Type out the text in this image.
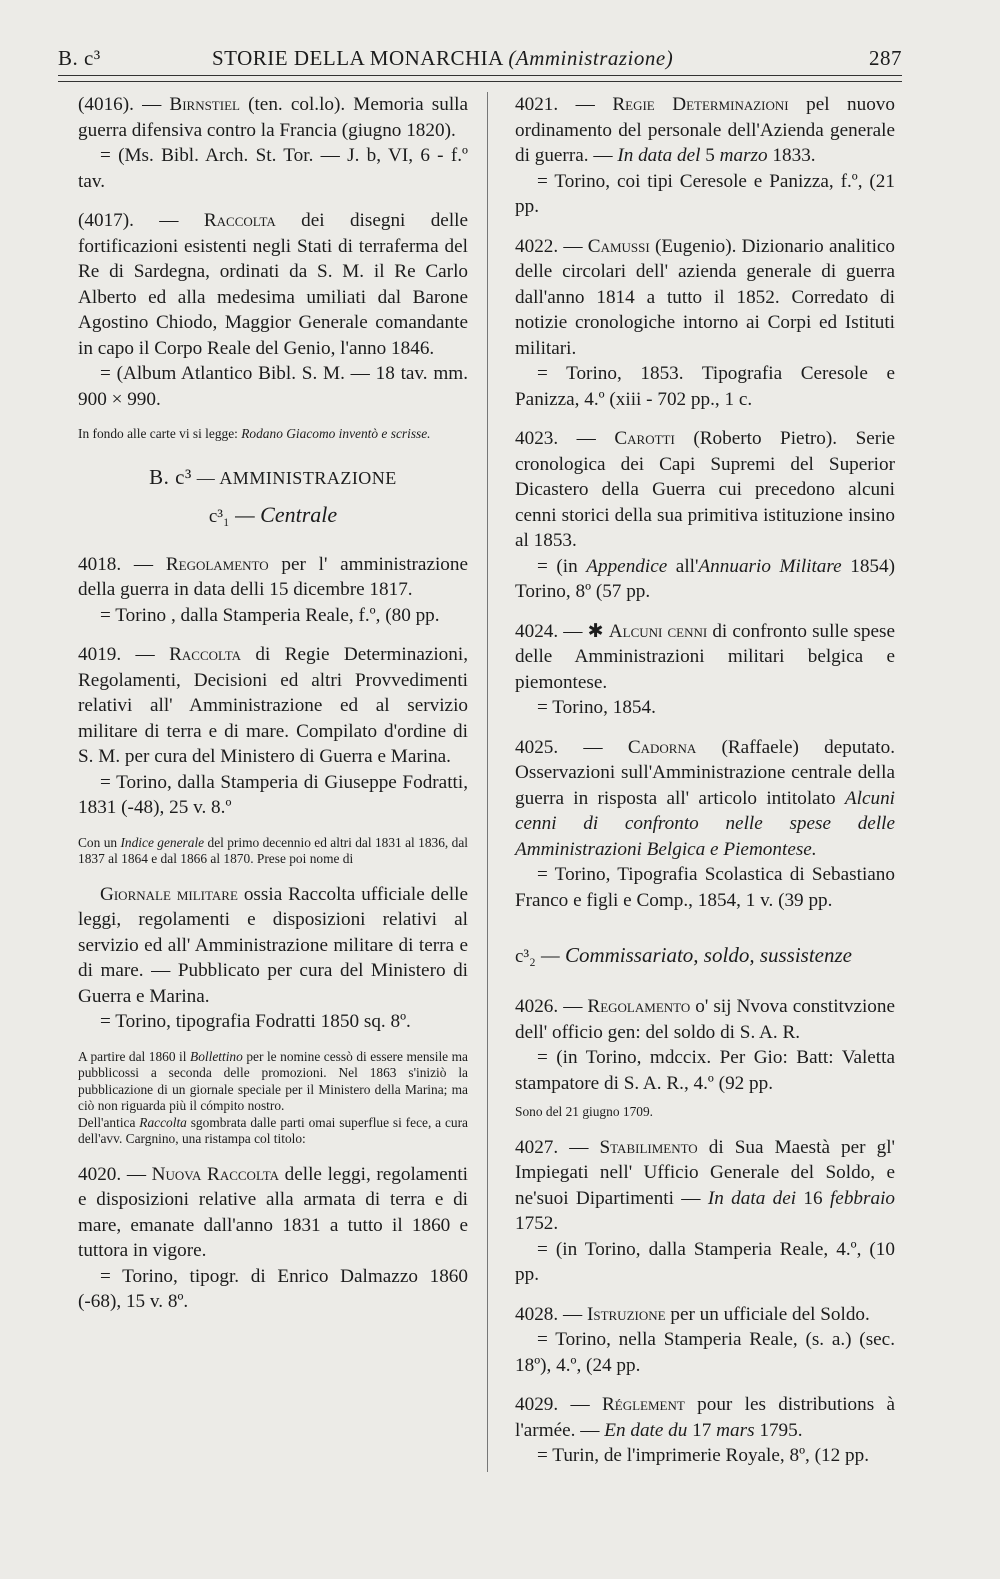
B. c³	STORIE DELLA MONARCHIA (Amministrazione)	287

(4016). — Birnstiel (ten. col.lo). Memoria sulla guerra difensiva contro la Francia (giugno 1820).

= (Ms. Bibl. Arch. St. Tor. — J. b, VI, 6 - f.º tav.

(4017). — Raccolta dei disegni delle fortificazioni esistenti negli Stati di terraferma del Re di Sardegna, ordinati da S. M. il Re Carlo Alberto ed alla medesima umiliati dal Barone Agostino Chiodo, Maggior Generale comandante in capo il Corpo Reale del Genio, l'anno 1846.

= (Album Atlantico Bibl. S. M. — 18 tav. mm. 900 × 990.

In fondo alle carte vi si legge: Rodano Giacomo inventò e scrisse.

B. c³ — AMMINISTRAZIONE
c³₁ — Centrale

4018. — Regolamento per l' amministrazione della guerra in data delli 15 dicembre 1817.

= Torino , dalla Stamperia Reale, f.º, (80 pp.

4019. — Raccolta di Regie Determinazioni, Regolamenti, Decisioni ed altri Provvedimenti relativi all' Amministrazione ed al servizio militare di terra e di mare. Compilato d'ordine di S. M. per cura del Ministero di Guerra e Marina.

= Torino, dalla Stamperia di Giuseppe Fodratti, 1831 (-48), 25 v. 8.º

Con un Indice generale del primo decennio ed altri dal 1831 al 1836, dal 1837 al 1864 e dal 1866 al 1870. Prese poi nome di

Giornale militare ossia Raccolta ufficiale delle leggi, regolamenti e disposizioni relativi al servizio ed all' Amministrazione militare di terra e di mare. — Pubblicato per cura del Ministero di Guerra e Marina.

= Torino, tipografia Fodratti 1850 sq. 8º.

A partire dal 1860 il Bollettino per le nomine cessò di essere mensile ma pubblicossi a seconda delle promozioni. Nel 1863 s'iniziò la pubblicazione di un giornale speciale per il Ministero della Marina; ma ciò non riguarda più il cómpito nostro.

Dell'antica Raccolta sgombrata dalle parti omai superflue si fece, a cura dell'avv. Cargnino, una ristampa col titolo:

4020. — Nuova Raccolta delle leggi, regolamenti e disposizioni relative alla armata di terra e di mare, emanate dall'anno 1831 a tutto il 1860 e tuttora in vigore.

= Torino, tipogr. di Enrico Dalmazzo 1860 (-68), 15 v. 8º.

4021. — Regie Determinazioni pel nuovo ordinamento del personale dell'Azienda generale di guerra. — In data del 5 marzo 1833.

= Torino, coi tipi Ceresole e Panizza, f.º, (21 pp.

4022. — Camussi (Eugenio). Dizionario analitico delle circolari dell' azienda generale di guerra dall'anno 1814 a tutto il 1852. Corredato di notizie cronologiche intorno ai Corpi ed Istituti militari.

= Torino, 1853. Tipografia Ceresole e Panizza, 4.º (xiii - 702 pp., 1 c.

4023. — Carotti (Roberto Pietro). Serie cronologica dei Capi Supremi del Superior Dicastero della Guerra cui precedono alcuni cenni storici della sua primitiva istituzione insino al 1853.

= (in Appendice all'Annuario Militare 1854) Torino, 8º (57 pp.

4024. — ✱ Alcuni cenni di confronto sulle spese delle Amministrazioni militari belgica e piemontese.

= Torino, 1854.

4025. — Cadorna (Raffaele) deputato. Osservazioni sull'Amministrazione centrale della guerra in risposta all' articolo intitolato Alcuni cenni di confronto nelle spese delle Amministrazioni Belgica e Piemontese.

= Torino, Tipografia Scolastica di Sebastiano Franco e figli e Comp., 1854, 1 v. (39 pp.

c³₂ — Commissariato, soldo, sussistenze

4026. — Regolamento o' sij Nvova constitvzione dell' officio gen: del soldo di S. A. R.

= (in Torino, mdccix. Per Gio: Batt: Valetta stampatore di S. A. R., 4.º (92 pp.

Sono del 21 giugno 1709.

4027. — Stabilimento di Sua Maestà per gl' Impiegati nell' Ufficio Generale del Soldo, e ne'suoi Dipartimenti — In data dei 16 febbraio 1752.

= (in Torino, dalla Stamperia Reale, 4.º, (10 pp.

4028. — Istruzione per un ufficiale del Soldo.

= Torino, nella Stamperia Reale, (s. a.) (sec. 18º), 4.º, (24 pp.

4029. — Réglement pour les distributions à l'armée. — En date du 17 mars 1795.

= Turin, de l'imprimerie Royale, 8º, (12 pp.
